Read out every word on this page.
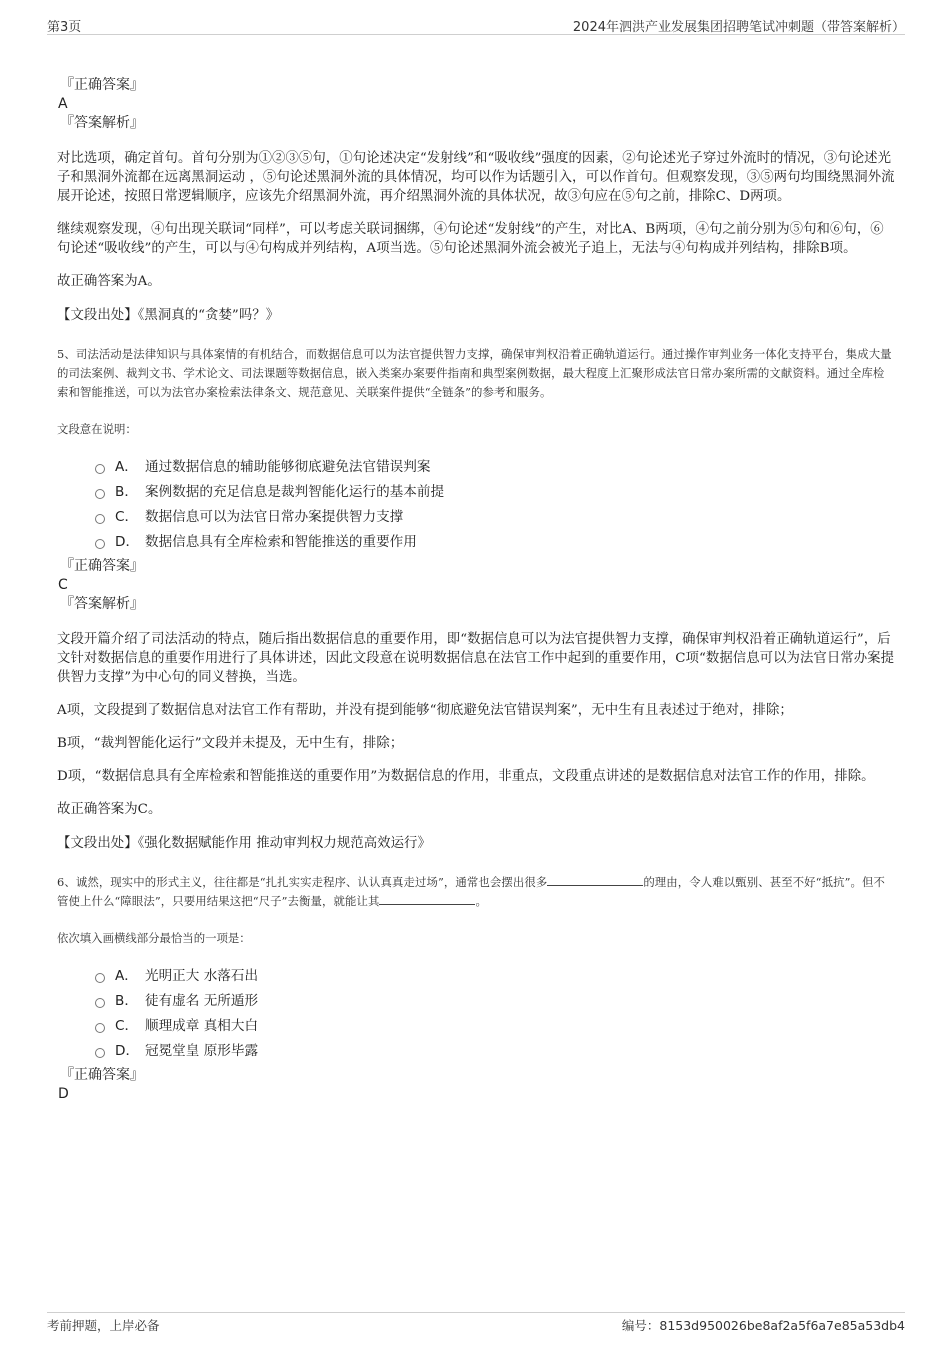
第3页	2024年泗洪产业发展集团招聘笔试冲刺题（带答案解析）
『正确答案』
A
『答案解析』
对比选项，确定首句。首句分别为①②③⑤句，①句论述决定“发射线”和“吸收线”强度的因素，②句论述光子穿过外流时的情况，③句论述光子和黑洞外流都在远离黑洞运动 ，⑤句论述黑洞外流的具体情况，均可以作为话题引入，可以作首句。但观察发现，③⑤两句均围绕黑洞外流展开论述，按照日常逻辑顺序，应该先介绍黑洞外流，再介绍黑洞外流的具体状况，故③句应在⑤句之前，排除C、D两项。
继续观察发现，④句出现关联词“同样”，可以考虑关联词捆绑，④句论述“发射线”的产生，对比A、B两项，④句之前分别为⑤句和⑥句，⑥句论述“吸收线”的产生，可以与④句构成并列结构，A项当选。⑤句论述黑洞外流会被光子追上，无法与④句构成并列结构，排除B项。
故正确答案为A。
【文段出处】《黑洞真的“贪婪”吗？》
5、司法活动是法律知识与具体案情的有机结合，而数据信息可以为法官提供智力支撑，确保审判权沿着正确轨道运行。通过操作审判业务一体化支持平台，集成大量的司法案例、裁判文书、学术论文、司法课题等数据信息，嵌入类案办案要件指南和典型案例数据，最大程度上汇聚形成法官日常办案所需的文献资料。通过全库检索和智能推送，可以为法官办案检索法律条文、规范意见、关联案件提供“全链条”的参考和服务。
文段意在说明：
A． 通过数据信息的辅助能够彻底避免法官错误判案
B． 案例数据的充足信息是裁判智能化运行的基本前提
C． 数据信息可以为法官日常办案提供智力支撑
D． 数据信息具有全库检索和智能推送的重要作用
『正确答案』
C
『答案解析』
文段开篇介绍了司法活动的特点，随后指出数据信息的重要作用，即“数据信息可以为法官提供智力支撑，确保审判权沿着正确轨道运行”，后文针对数据信息的重要作用进行了具体讲述，因此文段意在说明数据信息在法官工作中起到的重要作用，C项“数据信息可以为法官日常办案提供智力支撑”为中心句的同义替换，当选。
A项，文段提到了数据信息对法官工作有帮助，并没有提到能够“彻底避免法官错误判案”，无中生有且表述过于绝对，排除；
B项，“裁判智能化运行”文段并未提及，无中生有，排除；
D项，“数据信息具有全库检索和智能推送的重要作用”为数据信息的作用，非重点，文段重点讲述的是数据信息对法官工作的作用，排除。
故正确答案为C。
【文段出处】《强化数据赋能作用 推动审判权力规范高效运行》
6、诚然，现实中的形式主义，往往都是“扎扎实实走程序、认认真真走过场”，通常也会摆出很多	的理由，令人难以甄别、甚至不好“抵抗”。但不管使上什么“障眼法”，只要用结果这把“尺子”去衡量，就能让其	。
依次填入画横线部分最恰当的一项是：
A． 光明正大 水落石出
B． 徒有虚名 无所遁形
C． 顺理成章 真相大白
D． 冠冕堂皇 原形毕露
『正确答案』
D
考前押题，上岸必备	编号：8153d950026be8af2a5f6a7e85a53db4
